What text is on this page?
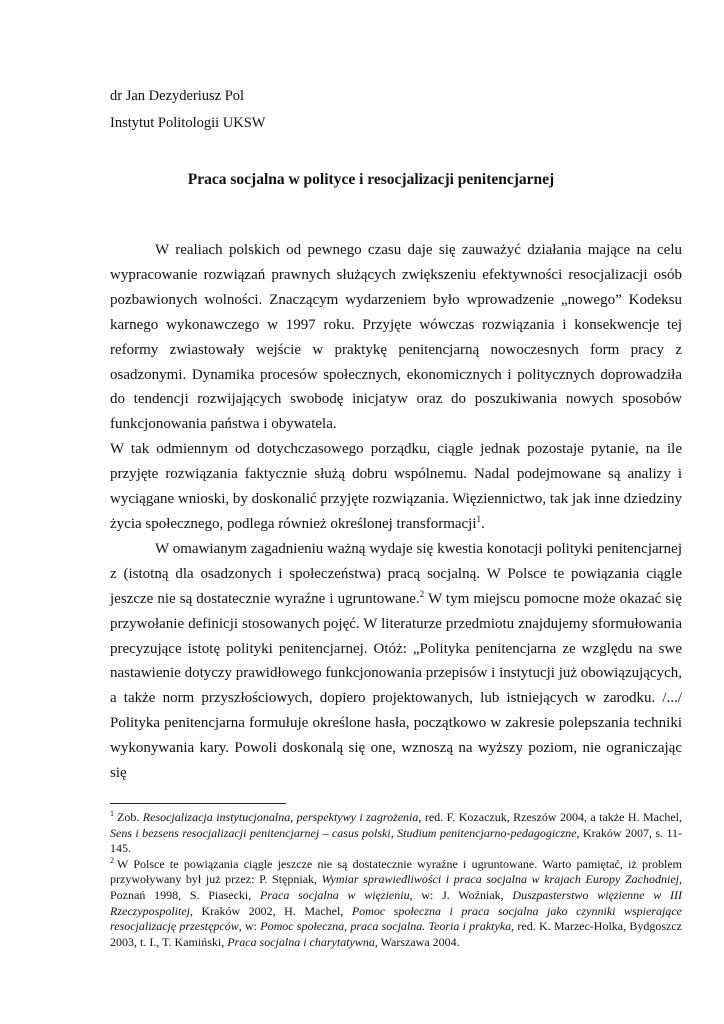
dr Jan Dezyderiusz Pol
Instytut Politologii UKSW
Praca socjalna w polityce i resocjalizacji penitencjarnej

W realiach polskich od pewnego czasu daje się zauważyć działania mające na celu wypracowanie rozwiązań prawnych służących zwiększeniu efektywności resocjalizacji osób pozbawionych wolności. Znaczącym wydarzeniem było wprowadzenie „nowego” Kodeksu karnego wykonawczego w 1997 roku. Przyjęte wówczas rozwiązania i konsekwencje tej reformy zwiastowały wejście w praktykę penitencjarną nowoczesnych form pracy z osadzonymi. Dynamika procesów społecznych, ekonomicznych i politycznych doprowadziła do tendencji rozwijających swobodę inicjatyw oraz do poszukiwania nowych sposobów funkcjonowania państwa i obywatela.

W tak odmiennym od dotychczasowego porządku, ciągle jednak pozostaje pytanie, na ile przyjęte rozwiązania faktycznie służą dobru wspólnemu. Nadal podejmowane są analizy i wyciągane wnioski, by doskonalić przyjęte rozwiązania. Więziennictwo, tak jak inne dziedziny życia społecznego, podlega również określonej transformacji$^1$.

W omawianym zagadnieniu ważną wydaje się kwestia konotacji polityki penitencjarnej z (istotną dla osadzonych i społeczeństwa) pracą socjalną. W Polsce te powiązania ciągle jeszcze nie są dostatecznie wyraźne i ugruntowane.$^2$ W tym miejscu pomocne może okazać się przywołanie definicji stosowanych pojęć. W literaturze przedmiotu znajdujemy sformułowania precyzujące istotę polityki penitencjarnej. Otóż: „Polityka penitencjarna ze względu na swe nastawienie dotyczy prawidłowego funkcjonowania przepisów i instytucji już obowiązujących, a także norm przyszłościowych, dopiero projektowanych, lub istniejących w zarodku. /.../ Polityka penitencjarna formułuje określone hasła, początkowo w zakresie polepszania techniki wykonywania kary. Powoli doskonalą się one, wznoszą na wyższy poziom, nie ograniczając się

$^1$ Zob. Resocjalizacja instytucjonalna, perspektywy i zagrożenia, red. F. Kozaczuk, Rzeszów 2004, a także H. Machel, Sens i bezsens resocjalizacji penitencjarnej – casus polski, Studium penitencjarno-pedagogiczne, Kraków 2007, s. 11-145.

$^2$ W Polsce te powiązania ciągle jeszcze nie są dostatecznie wyraźne i ugruntowane. Warto pamiętać, iż problem przywoływany był już przez: P. Stępniak, Wymiar sprawiedliwości i praca socjalna w krajach Europy Zachodniej, Poznań 1998, S. Piasecki, Praca socjalna w więzieniu, w: J. Woźniak, Duszpasterstwo więzienne w III Rzeczypospolitej, Kraków 2002, H. Machel, Pomoc społeczna i praca socjalna jako czynniki wspierające resocjalizację przestępców, w: Pomoc społeczna, praca socjalna. Teoria i praktyka, red. K. Marzec-Holka, Bydgoszcz 2003, t. I., T. Kamiński, Praca socjalna i charytatywna, Warszawa 2004.
